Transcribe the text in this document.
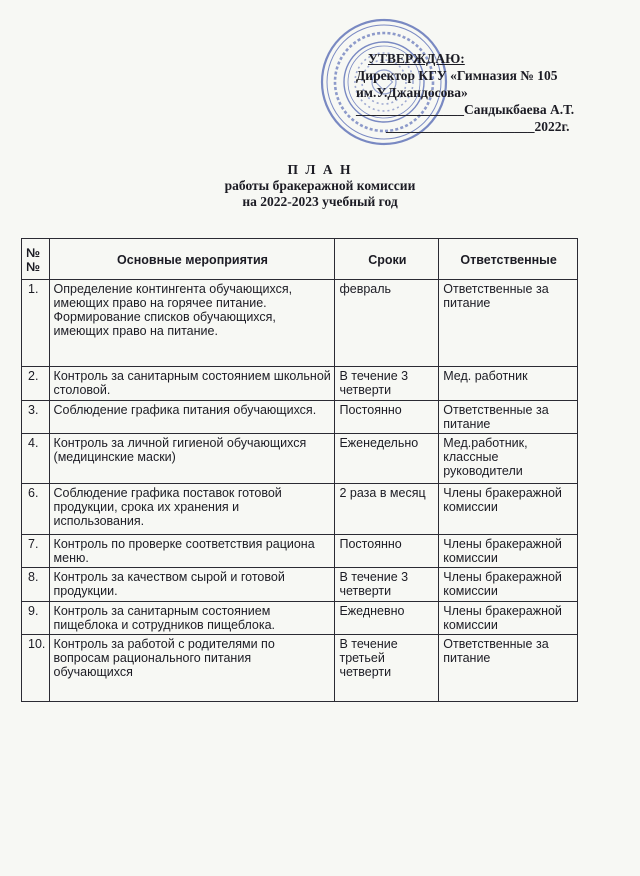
УТВЕРЖДАЮ:
Директор КГУ «Гимназия № 105
им.У.Джандосова»
________________Сандыкбаева А.Т.
______________________2022г.
П Л А Н
работы бракеражной комиссии
на 2022-2023 учебный год
№ №	Основные мероприятия	Сроки	Ответственные
1.	Определение контингента обучающихся, имеющих право на горячее питание. Формирование списков обучающихся, имеющих право на питание.	февраль	Ответственные за питание
2.	Контроль за санитарным состоянием школьной столовой.	В течение 3 четверти	Мед. работник
3.	Соблюдение графика питания обучающихся.	Постоянно	Ответственные за питание
4.	Контроль за личной гигиеной обучающихся (медицинские маски)	Еженедельно	Мед.работник, классные руководители
6.	Соблюдение графика поставок готовой продукции, срока их хранения и использования.	2 раза в месяц	Члены бракеражной комиссии
7.	Контроль по проверке соответствия рациона меню.	Постоянно	Члены бракеражной комиссии
8.	Контроль за качеством сырой и готовой продукции.	В течение 3 четверти	Члены бракеражной комиссии
9.	Контроль за санитарным состоянием пищеблока и сотрудников пищеблока.	Ежедневно	Члены бракеражной комиссии
10.	Контроль за работой с родителями по вопросам рационального питания обучающихся	В течение третьей четверти	Ответственные за питание
